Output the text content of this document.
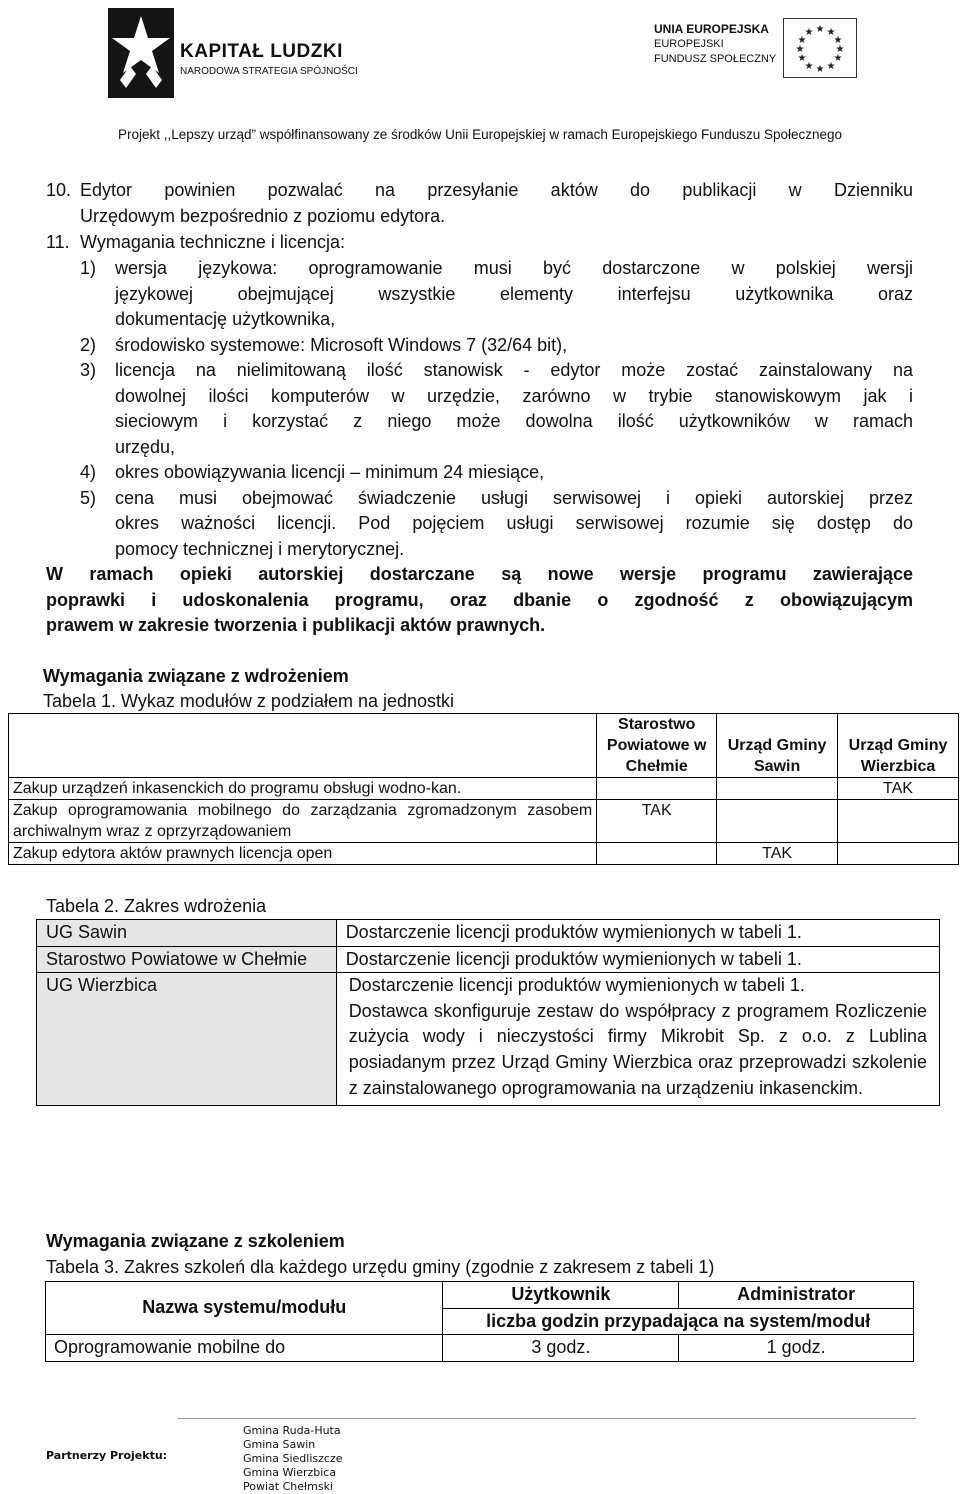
KAPITAŁ LUDZKI
NARODOWA STRATEGIA SPÓJNOŚCI
UNIA EUROPEJSKA
EUROPEJSKI
FUNDUSZ SPOŁECZNY
★ ★
★
★
★
★
★
★
★
★
★
★
Projekt ,,Lepszy urząd” współfinansowany ze środków Unii Europejskiej w ramach Europejskiego Funduszu Społecznego
10. Edytor powinien pozwalać na przesyłanie aktów do publikacji w Dzienniku
Urzędowym bezpośrednio z poziomu edytora.
11. Wymagania techniczne i licencja:
1) wersja językowa: oprogramowanie musi być dostarczone w polskiej wersji
językowej obejmującej wszystkie elementy interfejsu użytkownika oraz
dokumentację użytkownika,
2) środowisko systemowe: Microsoft Windows 7 (32/64 bit),
3) licencja na nielimitowaną ilość stanowisk - edytor może zostać zainstalowany na
dowolnej ilości komputerów w urzędzie, zarówno w trybie stanowiskowym jak i
sieciowym i korzystać z niego może dowolna ilość użytkowników w ramach
urzędu,
4) okres obowiązywania licencji – minimum 24 miesiące,
5) cena musi obejmować świadczenie usługi serwisowej i opieki autorskiej przez
okres ważności licencji. Pod pojęciem usługi serwisowej rozumie się dostęp do
pomocy technicznej i merytorycznej.
W ramach opieki autorskiej dostarczane są nowe wersje programu zawierające
poprawki i udoskonalenia programu, oraz dbanie o zgodność z obowiązującym
prawem w zakresie tworzenia i publikacji aktów prawnych.
Wymagania związane z wdrożeniem
Tabela 1. Wykaz modułów z podziałem na jednostki
	Starostwo Powiatowe w Chełmie	Urząd Gminy Sawin	Urząd Gminy Wierzbica
Zakup urządzeń inkasenckich do programu obsługi wodno-kan.			TAK
Zakup oprogramowania mobilnego do zarządzania zgromadzonym zasobem archiwalnym wraz z oprzyrządowaniem	TAK		
Zakup edytora aktów prawnych licencja open		TAK	
Tabela 2. Zakres wdrożenia
UG Sawin	Dostarczenie licencji produktów wymienionych w tabeli 1.
Starostwo Powiatowe w Chełmie	Dostarczenie licencji produktów wymienionych w tabeli 1.
UG Wierzbica	Dostarczenie licencji produktów wymienionych w tabeli 1.
Dostawca skonfiguruje zestaw do współpracy z programem Rozliczenie zużycia wody i nieczystości firmy Mikrobit Sp. z o.o. z Lublina posiadanym przez Urząd Gminy Wierzbica oraz przeprowadzi szkolenie z zainstalowanego oprogramowania na urządzeniu inkasenckim.
Wymagania związane z szkoleniem
Tabela 3. Zakres szkoleń dla każdego urzędu gminy (zgodnie z zakresem z tabeli 1)
Nazwa systemu/modułu	Użytkownik	Administrator
	liczba godzin przypadająca na system/moduł	
Oprogramowanie mobilne do	3 godz.	1 godz.
Partnerzy Projektu:
Gmina Ruda-Huta
Gmina Sawin
Gmina Siedliszcze
Gmina Wierzbica
Powiat Chełmski
